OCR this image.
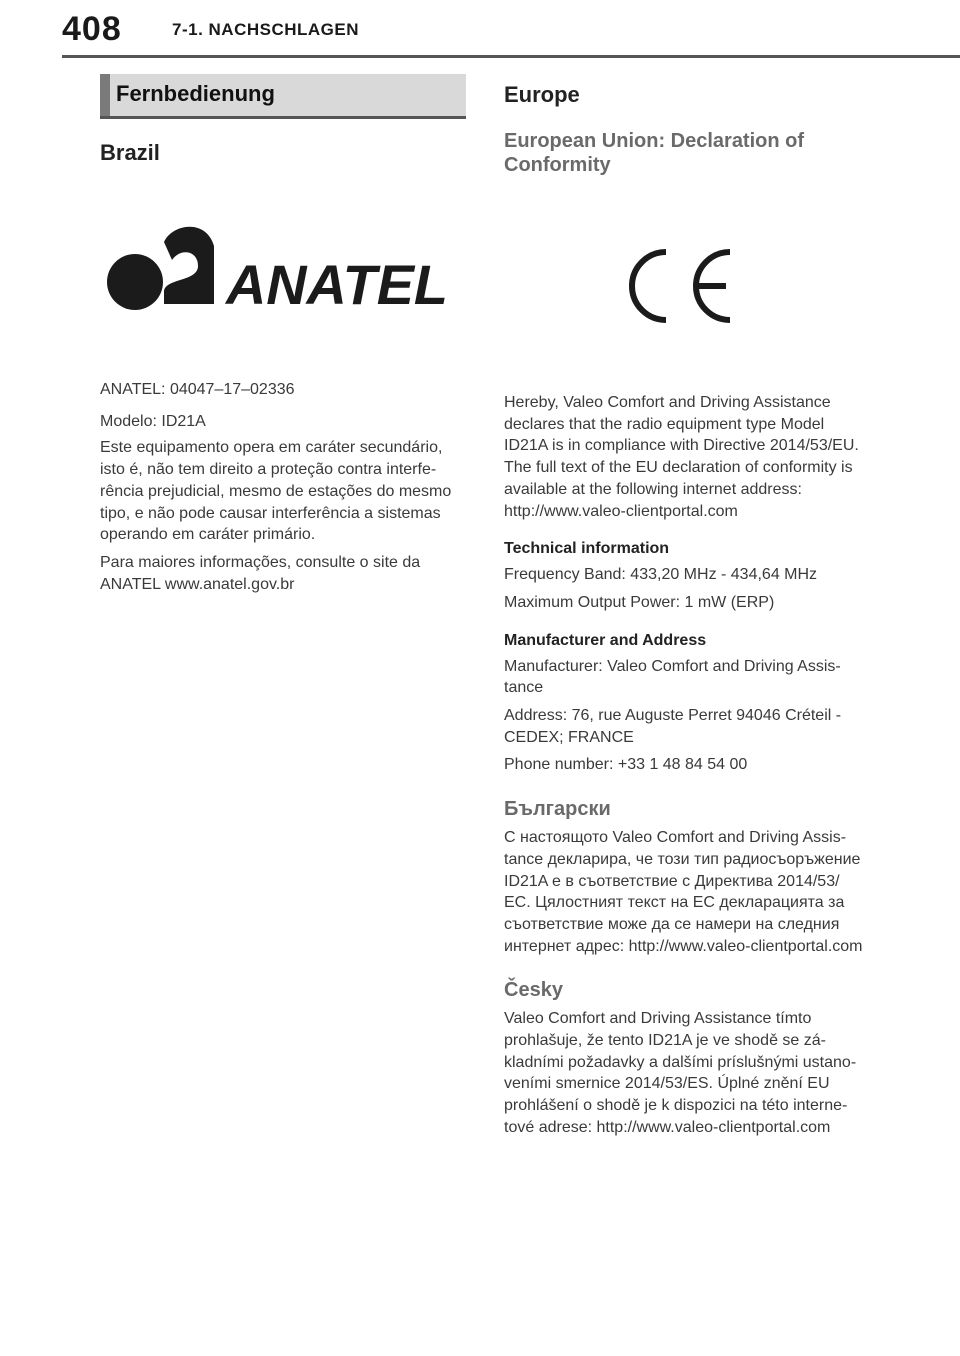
408	7-1. NACHSCHLAGEN
Fernbedienung
Brazil
ANATEL

ANATEL: 04047–17–02336

Modelo: ID21A

Este equipamento opera em caráter secundário, isto é, não tem direito a proteção contra interfe-rência prejudicial, mesmo de estações do mesmo tipo, e não pode causar interferência a sistemas operando em caráter primário.

Para maiores informações, consulte o site da ANATEL www.anatel.gov.br

Europe
European Union: Declaration of Conformity

Hereby, Valeo Comfort and Driving Assistance declares that the radio equipment type Model ID21A is in compliance with Directive 2014/53/EU. The full text of the EU declaration of conformity is available at the following internet address: http://www.valeo-clientportal.com

Technical information

Frequency Band: 433,20 MHz - 434,64 MHz

Maximum Output Power: 1 mW (ERP)

Manufacturer and Address

Manufacturer: Valeo Comfort and Driving Assis-tance

Address: 76, rue Auguste Perret 94046 Créteil - CEDEX; FRANCE

Phone number: +33 1 48 84 54 00

Български

С настоящото Valeo Comfort and Driving Assis-tance декларира, че този тип радиосъоръжение ID21A е в съответствие с Директива 2014/53/ЕС. Цялостният текст на ЕС декларацията за съответствие може да се намери на следния интернет адрес: http://www.valeo-clientportal.com

Česky

Valeo Comfort and Driving Assistance tímto prohlašuje, že tento ID21A je ve shodě se zá-kladními požadavky a dalšími príslušnými ustano-veními smernice 2014/53/ES. Úplné znění EU prohlášení o shodě je k dispozici na této interne-tové adrese: http://www.valeo-clientportal.com
